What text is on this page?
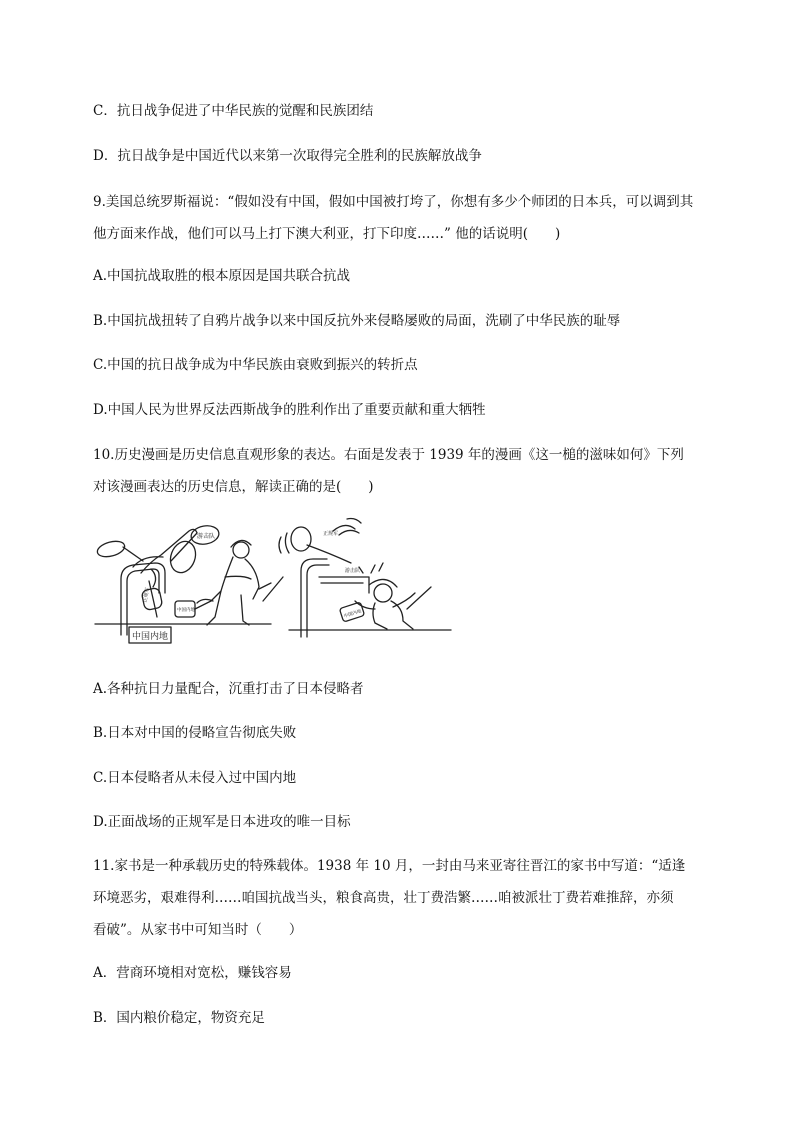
C．抗日战争促进了中华民族的觉醒和民族团结
D．抗日战争是中国近代以来第一次取得完全胜利的民族解放战争
9.美国总统罗斯福说：“假如没有中国，假如中国被打垮了，你想有多少个师团的日本兵，可以调到其
他方面来作战，他们可以马上打下澳大利亚，打下印度……” 他的话说明(　　)
A.中国抗战取胜的根本原因是国共联合抗战
B.中国抗战扭转了自鸦片战争以来中国反抗外来侵略屡败的局面，洗刷了中华民族的耻辱
C.中国的抗日战争成为中华民族由衰败到振兴的转折点
D.中国人民为世界反法西斯战争的胜利作出了重要贡献和重大牺牲
10.历史漫画是历史信息直观形象的表达。右面是发表于 1939 年的漫画《这一槌的滋味如何》下列
对该漫画表达的历史信息，解读正确的是(　　)
游击队
中国内地
正规军
中国内地
正规军
游击队
中国内地
A.各种抗日力量配合，沉重打击了日本侵略者
B.日本对中国的侵略宣告彻底失败
C.日本侵略者从未侵入过中国内地
D.正面战场的正规军是日本进攻的唯一目标
11.家书是一种承载历史的特殊载体。1938 年 10 月，一封由马来亚寄往晋江的家书中写道：“适逢
环境恶劣，艰难得利……咱国抗战当头，粮食高贵，壮丁费浩繁……咱被派壮丁费若难推辞，亦须
看破”。从家书中可知当时（　　）
A．营商环境相对宽松，赚钱容易
B．国内粮价稳定，物资充足
